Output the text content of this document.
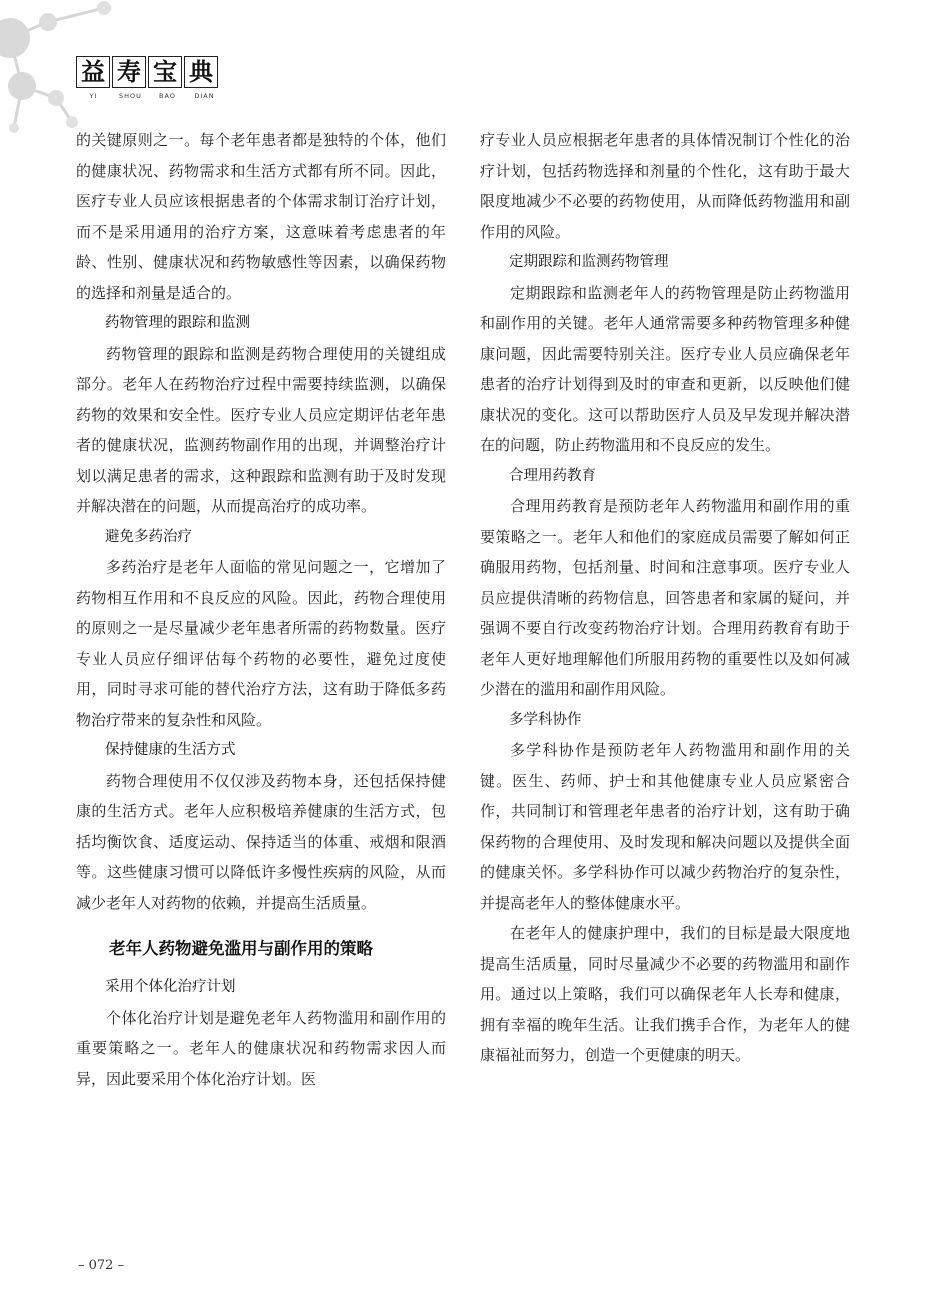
益 寿 宝 典
YI	SHOU	BAO	DIAN

的关键原则之一。每个老年患者都是独特的个体，他们的健康状况、药物需求和生活方式都有所不同。因此，医疗专业人员应该根据患者的个体需求制订治疗计划，而不是采用通用的治疗方案，这意味着考虑患者的年龄、性别、健康状况和药物敏感性等因素，以确保药物的选择和剂量是适合的。

药物管理的跟踪和监测

药物管理的跟踪和监测是药物合理使用的关键组成部分。老年人在药物治疗过程中需要持续监测，以确保药物的效果和安全性。医疗专业人员应定期评估老年患者的健康状况，监测药物副作用的出现，并调整治疗计划以满足患者的需求，这种跟踪和监测有助于及时发现并解决潜在的问题，从而提高治疗的成功率。

避免多药治疗

多药治疗是老年人面临的常见问题之一，它增加了药物相互作用和不良反应的风险。因此，药物合理使用的原则之一是尽量减少老年患者所需的药物数量。医疗专业人员应仔细评估每个药物的必要性，避免过度使用，同时寻求可能的替代治疗方法，这有助于降低多药物治疗带来的复杂性和风险。

保持健康的生活方式

药物合理使用不仅仅涉及药物本身，还包括保持健康的生活方式。老年人应积极培养健康的生活方式，包括均衡饮食、适度运动、保持适当的体重、戒烟和限酒等。这些健康习惯可以降低许多慢性疾病的风险，从而减少老年人对药物的依赖，并提高生活质量。

老年人药物避免滥用与副作用的策略
采用个体化治疗计划

个体化治疗计划是避免老年人药物滥用和副作用的重要策略之一。老年人的健康状况和药物需求因人而异，因此要采用个体化治疗计划。医

疗专业人员应根据老年患者的具体情况制订个性化的治疗计划，包括药物选择和剂量的个性化，这有助于最大限度地减少不必要的药物使用，从而降低药物滥用和副作用的风险。

定期跟踪和监测药物管理

定期跟踪和监测老年人的药物管理是防止药物滥用和副作用的关键。老年人通常需要多种药物管理多种健康问题，因此需要特别关注。医疗专业人员应确保老年患者的治疗计划得到及时的审查和更新，以反映他们健康状况的变化。这可以帮助医疗人员及早发现并解决潜在的问题，防止药物滥用和不良反应的发生。

合理用药教育

合理用药教育是预防老年人药物滥用和副作用的重要策略之一。老年人和他们的家庭成员需要了解如何正确服用药物，包括剂量、时间和注意事项。医疗专业人员应提供清晰的药物信息，回答患者和家属的疑问，并强调不要自行改变药物治疗计划。合理用药教育有助于老年人更好地理解他们所服用药物的重要性以及如何减少潜在的滥用和副作用风险。

多学科协作

多学科协作是预防老年人药物滥用和副作用的关键。医生、药师、护士和其他健康专业人员应紧密合作，共同制订和管理老年患者的治疗计划，这有助于确保药物的合理使用、及时发现和解决问题以及提供全面的健康关怀。多学科协作可以减少药物治疗的复杂性，并提高老年人的整体健康水平。

在老年人的健康护理中，我们的目标是最大限度地提高生活质量，同时尽量减少不必要的药物滥用和副作用。通过以上策略，我们可以确保老年人长寿和健康，拥有幸福的晚年生活。让我们携手合作，为老年人的健康福祉而努力，创造一个更健康的明天。

– 072 –
